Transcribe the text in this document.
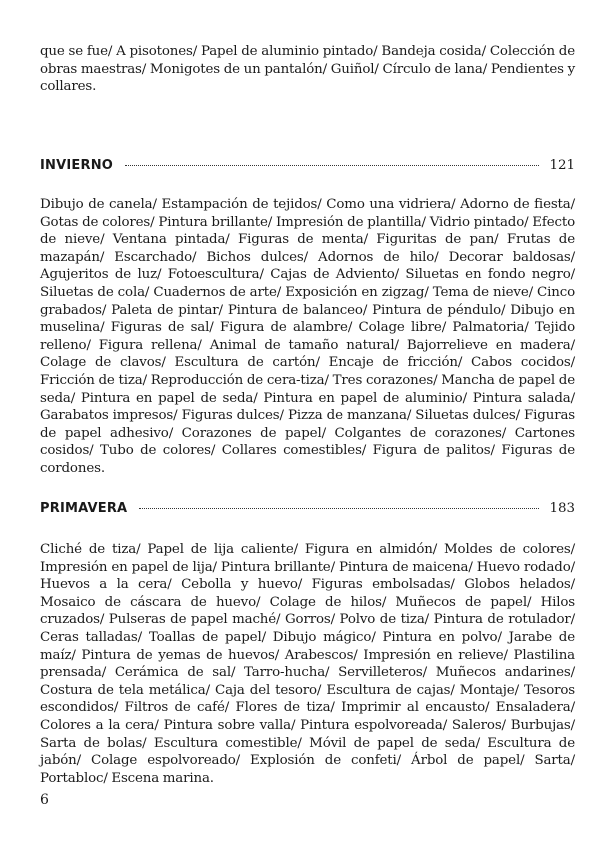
que se fue/ A pisotones/ Papel de aluminio pintado/ Bandeja cosida/ Colección de obras maestras/ Monigotes de un pantalón/ Guiñol/ Círculo de lana/ Pendientes y collares.

INVIERNO	121

Dibujo de canela/ Estampación de tejidos/ Como una vidriera/ Adorno de fiesta/ Gotas de colores/ Pintura brillante/ Impresión de plantilla/ Vidrio pintado/ Efecto de nieve/ Ventana pintada/ Figuras de menta/ Figuritas de pan/ Frutas de mazapán/ Escarchado/ Bichos dulces/ Adornos de hilo/ Decorar baldosas/ Agujeritos de luz/ Fotoescultura/ Cajas de Adviento/ Siluetas en fondo negro/ Siluetas de cola/ Cuadernos de arte/ Exposición en zigzag/ Tema de nieve/ Cinco grabados/ Paleta de pintar/ Pintura de balanceo/ Pintura de péndulo/ Dibujo en muselina/ Figuras de sal/ Figura de alambre/ Colage libre/ Palmatoria/ Tejido relleno/ Figura rellena/ Animal de tamaño natural/ Bajorrelieve en madera/ Colage de clavos/ Escultura de cartón/ Encaje de fricción/ Cabos cocidos/ Fricción de tiza/ Reproducción de cera-tiza/ Tres corazones/ Mancha de papel de seda/ Pintura en papel de seda/ Pintura en papel de aluminio/ Pintura salada/ Garabatos impresos/ Figuras dulces/ Pizza de manzana/ Siluetas dulces/ Figuras de papel adhesivo/ Corazones de papel/ Colgantes de corazones/ Cartones cosidos/ Tubo de colores/ Collares comestibles/ Figura de palitos/ Figuras de cordones.

PRIMAVERA	183

Cliché de tiza/ Papel de lija caliente/ Figura en almidón/ Moldes de colores/ Impresión en papel de lija/ Pintura brillante/ Pintura de maicena/ Huevo rodado/ Huevos a la cera/ Cebolla y huevo/ Figuras embolsadas/ Globos helados/ Mosaico de cáscara de huevo/ Colage de hilos/ Muñecos de papel/ Hilos cruzados/ Pulseras de papel maché/ Gorros/ Polvo de tiza/ Pintura de rotulador/ Ceras talladas/ Toallas de papel/ Dibujo mágico/ Pintura en polvo/ Jarabe de maíz/ Pintura de yemas de huevos/ Arabescos/ Impresión en relieve/ Plastilina prensada/ Cerámica de sal/ Tarro-hucha/ Servilleteros/ Muñecos andarines/ Costura de tela metálica/ Caja del tesoro/ Escultura de cajas/ Montaje/ Tesoros escondidos/ Filtros de café/ Flores de tiza/ Imprimir al encausto/ Ensaladera/ Colores a la cera/ Pintura sobre valla/ Pintura espolvoreada/ Saleros/ Burbujas/ Sarta de bolas/ Escultura comestible/ Móvil de papel de seda/ Escultura de jabón/ Colage espolvoreado/ Explosión de confeti/ Árbol de papel/ Sarta/ Portabloc/ Escena marina.

6
